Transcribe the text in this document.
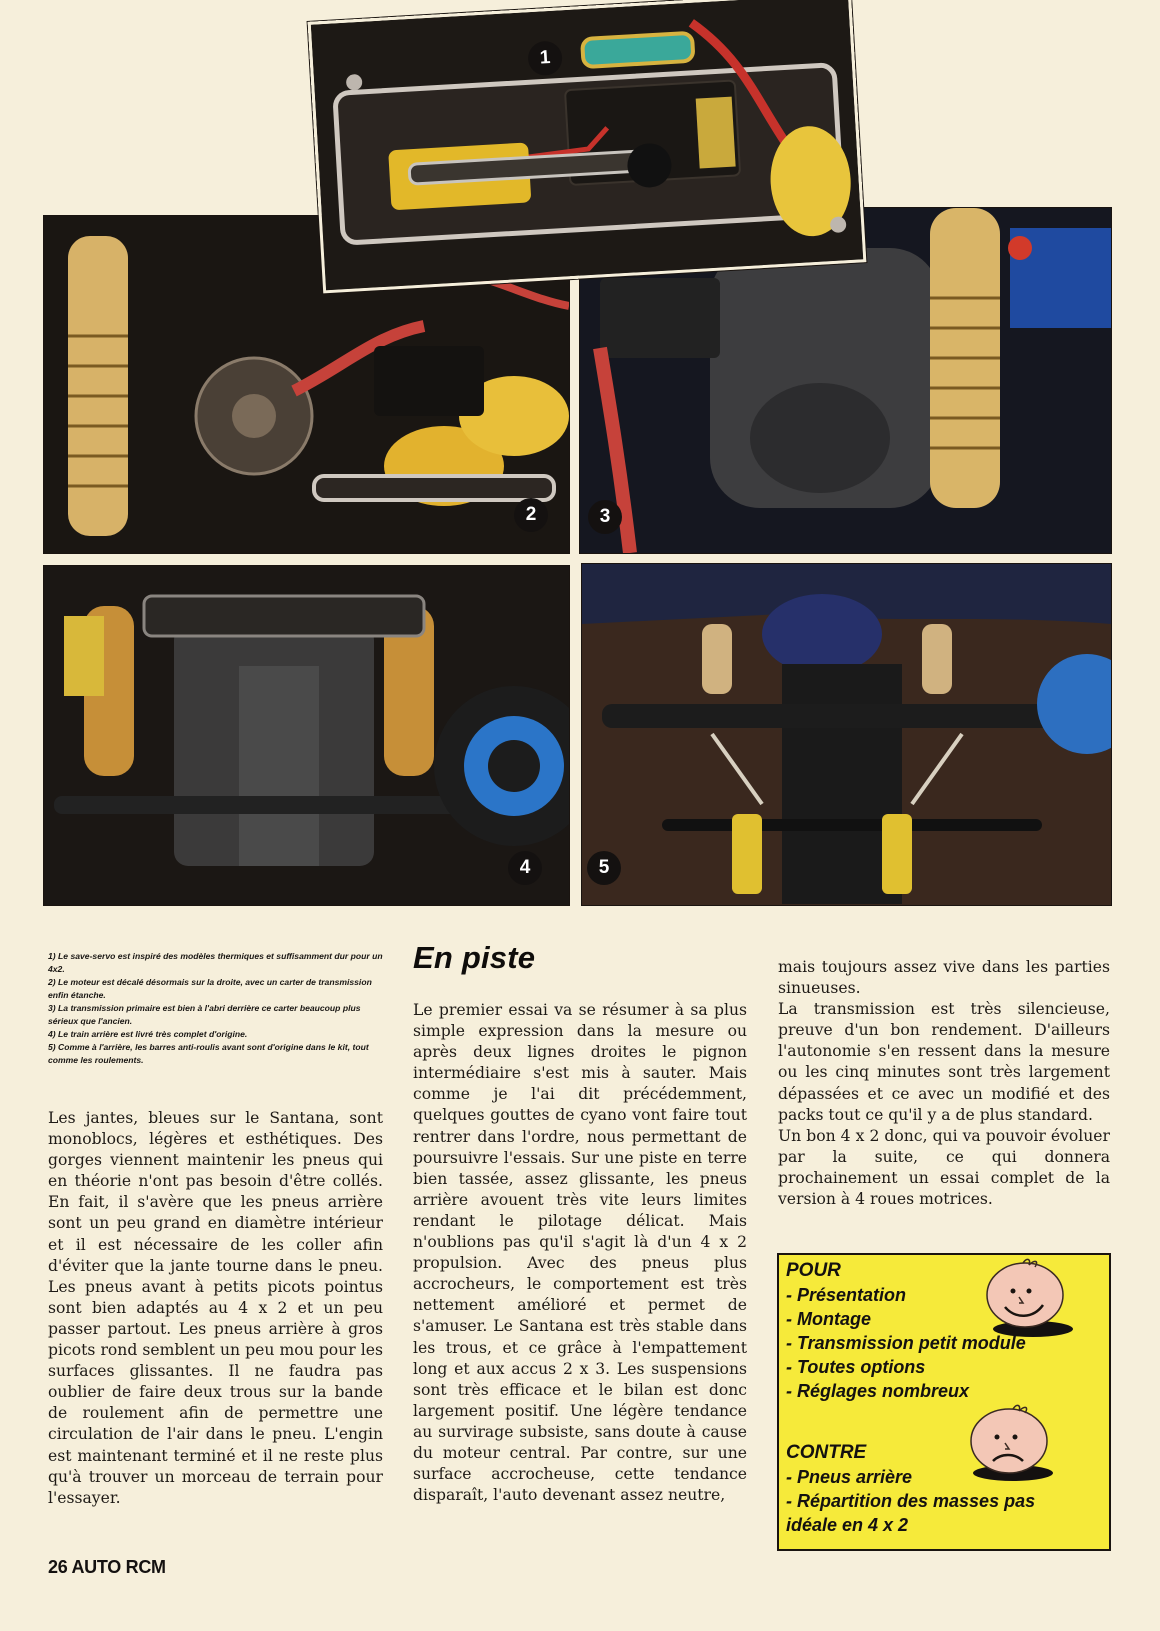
1
2	3
4	5

1) Le save-servo est inspiré des modèles thermiques et suffisamment dur pour un 4x2.

2) Le moteur est décalé désormais sur la droite, avec un carter de transmission enfin étanche.

3) La transmission primaire est bien à l'abri derrière ce carter beaucoup plus sérieux que l'ancien.

4) Le train arrière est livré très complet d'origine.

5) Comme à l'arrière, les barres anti-roulis avant sont d'origine dans le kit, tout comme les roulements.

Les jantes, bleues sur le Santana, sont monoblocs, légères et esthétiques. Des gorges viennent maintenir les pneus qui en théorie n'ont pas besoin d'être collés. En fait, il s'avère que les pneus arrière sont un peu grand en diamètre intérieur et il est nécessaire de les coller afin d'éviter que la jante tourne dans le pneu. Les pneus avant à petits picots pointus sont bien adaptés au 4 x 2 et un peu passer partout. Les pneus arrière à gros picots rond semblent un peu mou pour les surfaces glissantes. Il ne faudra pas oublier de faire deux trous sur la bande de roulement afin de permettre une circulation de l'air dans le pneu. L'engin est maintenant terminé et il ne reste plus qu'à trouver un morceau de terrain pour l'essayer.

En piste

Le premier essai va se résumer à sa plus simple expression dans la mesure ou après deux lignes droites le pignon intermédiaire s'est mis à sauter. Mais comme je l'ai dit précédemment, quelques gouttes de cyano vont faire tout rentrer dans l'ordre, nous permettant de poursuivre l'essais. Sur une piste en terre bien tassée, assez glissante, les pneus arrière avouent très vite leurs limites rendant le pilotage délicat. Mais n'oublions pas qu'il s'agit là d'un 4 x 2 propulsion. Avec des pneus plus accrocheurs, le comportement est très nettement amélioré et permet de s'amuser. Le Santana est très stable dans les trous, et ce grâce à l'empattement long et aux accus 2 x 3. Les suspensions sont très efficace et le bilan est donc largement positif. Une légère tendance au survirage subsiste, sans doute à cause du moteur central. Par contre, sur une surface accrocheuse, cette tendance disparaît, l'auto devenant assez neutre,

mais toujours assez vive dans les parties sinueuses.

La transmission est très silencieuse, preuve d'un bon rendement. D'ailleurs l'autonomie s'en ressent dans la mesure ou les cinq minutes sont très largement dépassées et ce avec un modifié et des packs tout ce qu'il y a de plus standard.

Un bon 4 x 2 donc, qui va pouvoir évoluer par la suite, ce qui donnera prochainement un essai complet de la version à 4 roues motrices.

POUR

- Présentation
- Montage
- Transmission petit module
- Toutes options
- Réglages nombreux

CONTRE

- Pneus arrière
- Répartition des masses pas
idéale en 4 x 2
26 AUTO RCM
